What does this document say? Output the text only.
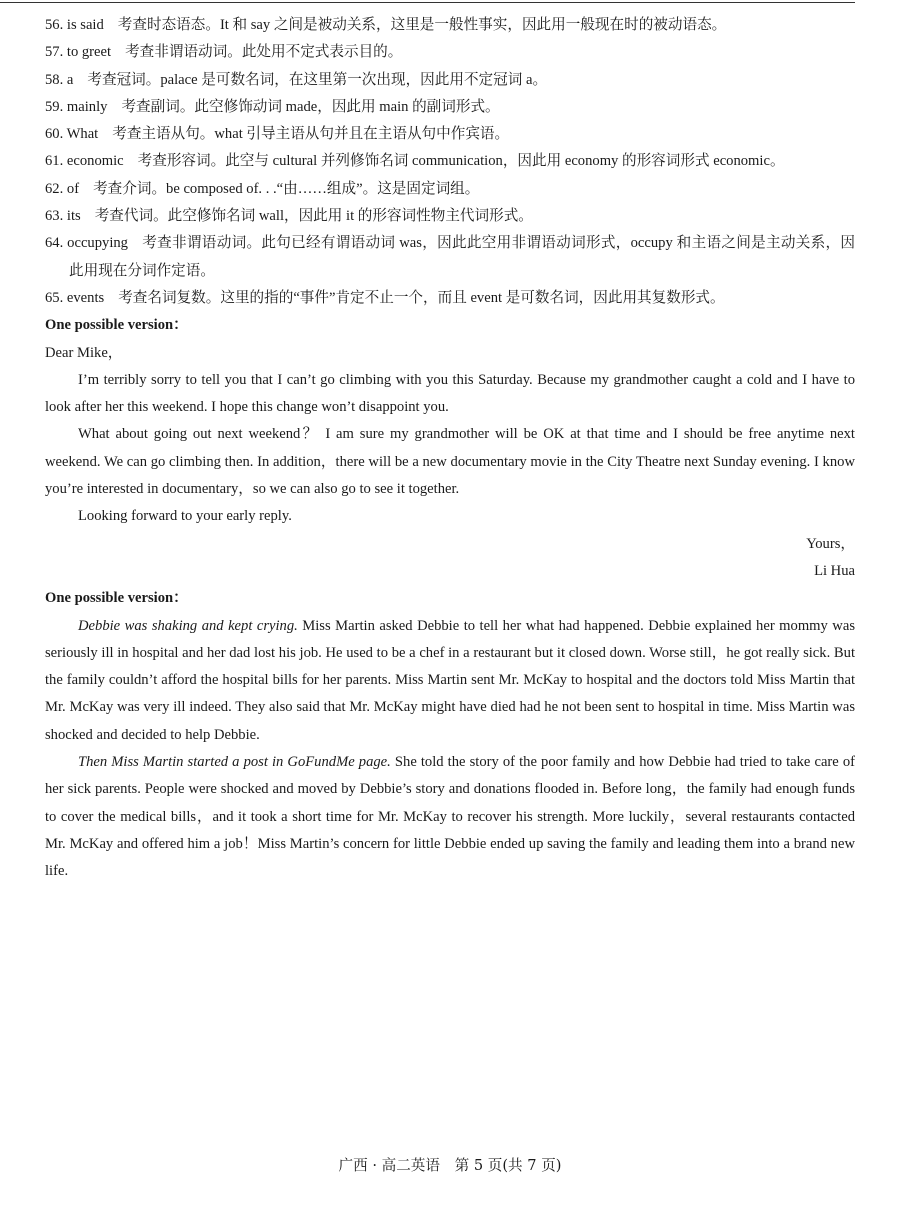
56. is said 考查时态语态。It 和 say 之间是被动关系，这里是一般性事实，因此用一般现在时的被动语态。
57. to greet 考查非谓语动词。此处用不定式表示目的。
58. a 考查冠词。palace 是可数名词，在这里第一次出现，因此用不定冠词 a。
59. mainly 考查副词。此空修饰动词 made，因此用 main 的副词形式。
60. What 考查主语从句。what 引导主语从句并且在主语从句中作宾语。
61. economic 考查形容词。此空与 cultural 并列修饰名词 communication，因此用 economy 的形容词形式 economic。
62. of 考查介词。be composed of. . .“由……组成”。这是固定词组。
63. its 考查代词。此空修饰名词 wall，因此用 it 的形容词性物主代词形式。
64. occupying 考查非谓语动词。此句已经有谓语动词 was，因此此空用非谓语动词形式，occupy 和主语之间是主动关系，因此用现在分词作定语。
65. events 考查名词复数。这里的指的“事件”肯定不止一个，而且 event 是可数名词，因此用其复数形式。
One possible version：
Dear Mike，
I’m terribly sorry to tell you that I can’t go climbing with you this Saturday. Because my grandmother caught a cold and I have to look after her this weekend. I hope this change won’t disappoint you.
What about going out next weekend？ I am sure my grandmother will be OK at that time and I should be free anytime next weekend. We can go climbing then. In addition，there will be a new documentary movie in the City Theatre next Sunday evening. I know you’re interested in documentary，so we can also go to see it together.
Looking forward to your early reply.
Yours，
Li Hua
One possible version：
Debbie was shaking and kept crying. Miss Martin asked Debbie to tell her what had happened. Debbie explained her mommy was seriously ill in hospital and her dad lost his job. He used to be a chef in a restaurant but it closed down. Worse still，he got really sick. But the family couldn’t afford the hospital bills for her parents. Miss Martin sent Mr. McKay to hospital and the doctors told Miss Martin that Mr. McKay was very ill indeed. They also said that Mr. McKay might have died had he not been sent to hospital in time. Miss Martin was shocked and decided to help Debbie.
Then Miss Martin started a post in GoFundMe page. She told the story of the poor family and how Debbie had tried to take care of her sick parents. People were shocked and moved by Debbie’s story and donations flooded in. Before long，the family had enough funds to cover the medical bills，and it took a short time for Mr. McKay to recover his strength. More luckily，several restaurants contacted Mr. McKay and offered him a job！Miss Martin’s concern for little Debbie ended up saving the family and leading them into a brand new life.
广西 · 高二英语　第 5 页(共 7 页)
